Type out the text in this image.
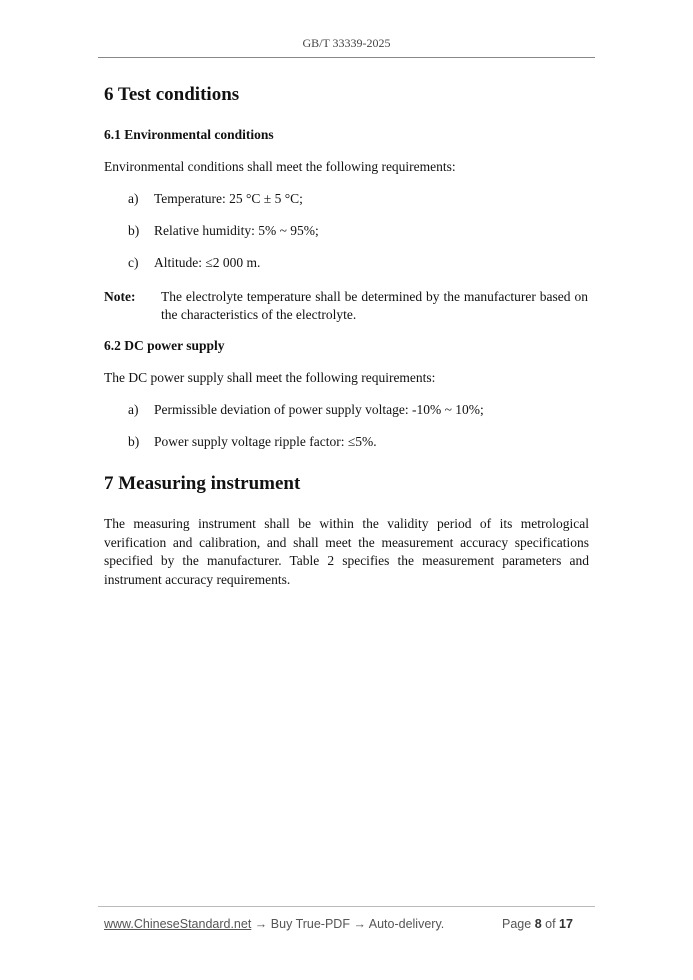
GB/T 33339-2025
6 Test conditions
6.1 Environmental conditions
Environmental conditions shall meet the following requirements:
a) Temperature: 25 °C ± 5 °C;
b) Relative humidity: 5% ~ 95%;
c) Altitude: ≤2 000 m.
Note: The electrolyte temperature shall be determined by the manufacturer based on the characteristics of the electrolyte.
6.2 DC power supply
The DC power supply shall meet the following requirements:
a) Permissible deviation of power supply voltage: -10% ~ 10%;
b) Power supply voltage ripple factor: ≤5%.
7 Measuring instrument
The measuring instrument shall be within the validity period of its metrological verification and calibration, and shall meet the measurement accuracy specifications specified by the manufacturer. Table 2 specifies the measurement parameters and instrument accuracy requirements.
www.ChineseStandard.net → Buy True-PDF → Auto-delivery.	Page 8 of 17
